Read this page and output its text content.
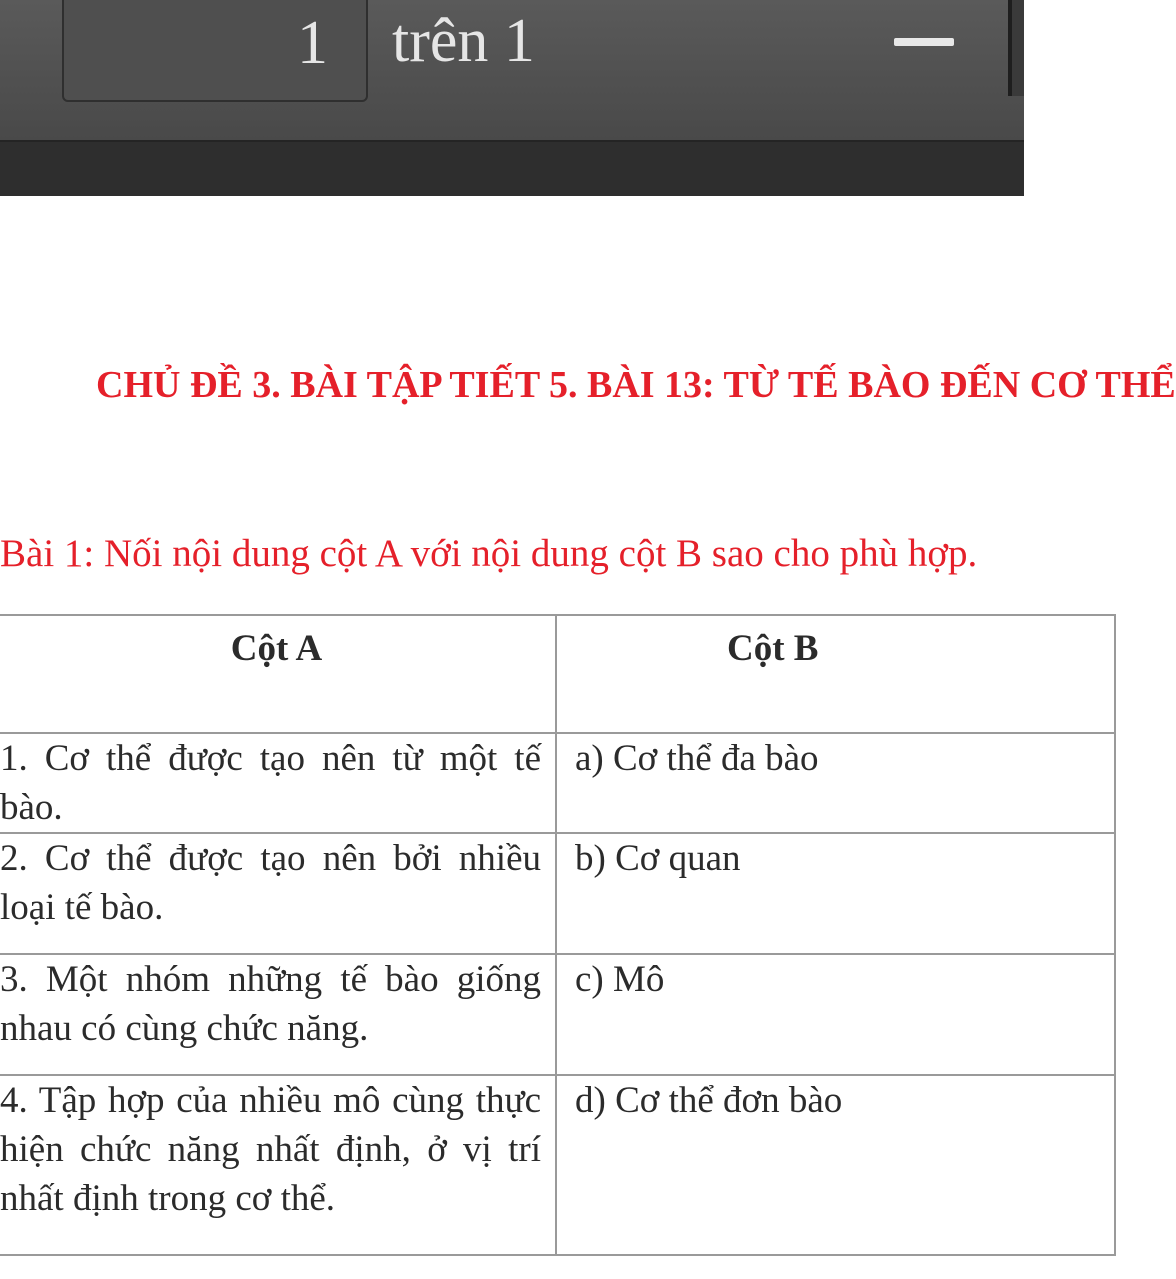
1 trên 1
CHỦ ĐỀ 3. BÀI TẬP TIẾT 5. BÀI 13: TỪ TẾ BÀO ĐẾN CƠ THỂ
Bài 1: Nối nội dung cột A với nội dung cột B sao cho phù hợp.
Cột A	Cột B
1. Cơ thể được tạo nên từ một tế bào.	a) Cơ thể đa bào
2. Cơ thể được tạo nên bởi nhiều loại tế bào.	b) Cơ quan
3. Một nhóm những tế bào giống nhau có cùng chức năng.	c) Mô
4. Tập hợp của nhiều mô cùng thực hiện chức năng nhất định, ở vị trí nhất định trong cơ thể.	d) Cơ thể đơn bào
